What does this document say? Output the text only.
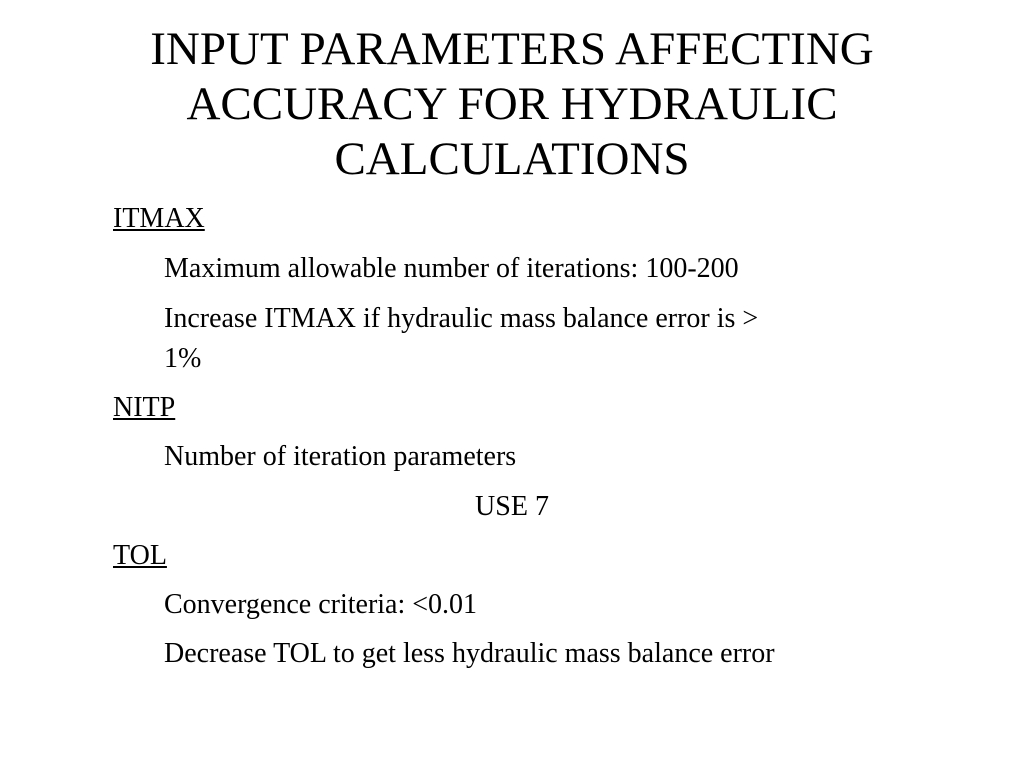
INPUT PARAMETERS AFFECTING
ACCURACY FOR HYDRAULIC
CALCULATIONS
ITMAX
Maximum allowable number of iterations: 100-200
Increase ITMAX if hydraulic mass balance error is >
1%
NITP
Number of iteration parameters
USE 7
TOL
Convergence criteria: <0.01
Decrease TOL to get less hydraulic mass balance error
